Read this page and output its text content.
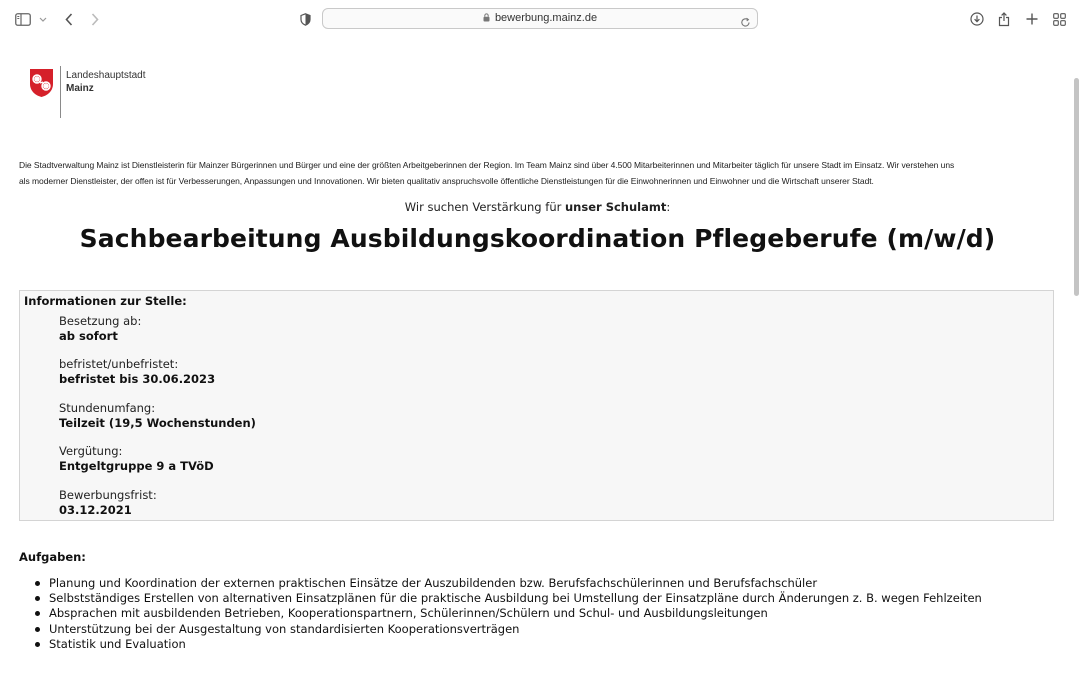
bewerbung.mainz.de
Landeshauptstadt
Mainz
Die Stadtverwaltung Mainz ist Dienstleisterin für Mainzer Bürgerinnen und Bürger und eine der größten Arbeitgeberinnen der Region. Im Team Mainz sind über 4.500 Mitarbeiterinnen und Mitarbeiter täglich für unsere Stadt im Einsatz. Wir verstehen uns
als moderner Dienstleister, der offen ist für Verbesserungen, Anpassungen und Innovationen. Wir bieten qualitativ anspruchsvolle öffentliche Dienstleistungen für die Einwohnerinnen und Einwohner und die Wirtschaft unserer Stadt.
Wir suchen Verstärkung für unser Schulamt:
Sachbearbeitung Ausbildungskoordination Pflegeberufe (m/w/d)
Informationen zur Stelle:
Besetzung ab:
ab sofort
befristet/unbefristet:
befristet bis 30.06.2023
Stundenumfang:
Teilzeit (19,5 Wochenstunden)
Vergütung:
Entgeltgruppe 9 a TVöD
Bewerbungsfrist:
03.12.2021
Aufgaben:
Planung und Koordination der externen praktischen Einsätze der Auszubildenden bzw. Berufsfachschülerinnen und Berufsfachschüler
Selbstständiges Erstellen von alternativen Einsatzplänen für die praktische Ausbildung bei Umstellung der Einsatzpläne durch Änderungen z. B. wegen Fehlzeiten
Absprachen mit ausbildenden Betrieben, Kooperationspartnern, Schülerinnen/Schülern und Schul- und Ausbildungsleitungen
Unterstützung bei der Ausgestaltung von standardisierten Kooperationsverträgen
Statistik und Evaluation
